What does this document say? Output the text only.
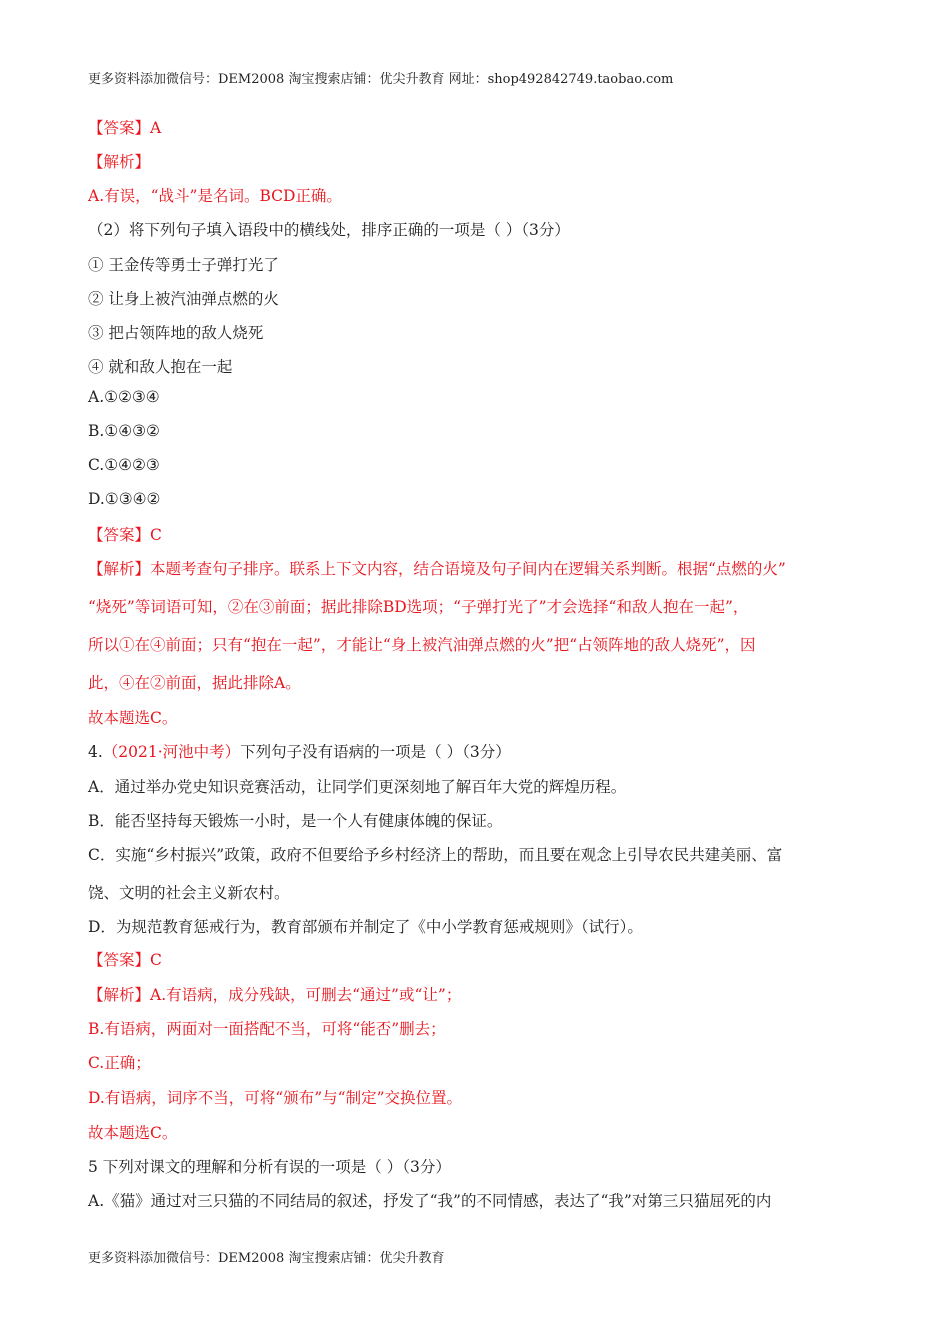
更多资料添加微信号：DEM2008 淘宝搜索店铺：优尖升教育 网址：shop492842749.taobao.com
【答案】A
【解析】
A.有误，“战斗”是名词。BCD正确。
（2）将下列句子填入语段中的横线处，排序正确的一项是（ ）（3分）
① 王金传等勇士子弹打光了
② 让身上被汽油弹点燃的火
③ 把占领阵地的敌人烧死
④ 就和敌人抱在一起
A.①②③④
B.①④③②
C.①④②③
D.①③④②
【答案】C
【解析】本题考查句子排序。联系上下文内容，结合语境及句子间内在逻辑关系判断。根据“点燃的火”
“烧死”等词语可知，②在③前面；据此排除BD选项；“子弹打光了”才会选择“和敌人抱在一起”，
所以①在④前面；只有“抱在一起”，才能让“身上被汽油弹点燃的火”把“占领阵地的敌人烧死”，因
此，④在②前面，据此排除A。
故本题选C。
4.（2021·河池中考）下列句子没有语病的一项是（ ）（3分）
A．通过举办党史知识竞赛活动，让同学们更深刻地了解百年大党的辉煌历程。
B．能否坚持每天锻炼一小时，是一个人有健康体魄的保证。
C．实施“乡村振兴”政策，政府不但要给予乡村经济上的帮助，而且要在观念上引导农民共建美丽、富
饶、文明的社会主义新农村。
D．为规范教育惩戒行为，教育部颁布并制定了《中小学教育惩戒规则》（试行）。
【答案】C
【解析】A.有语病，成分残缺，可删去“通过”或“让”；
B.有语病，两面对一面搭配不当，可将“能否”删去；
C.正确；
D.有语病，词序不当，可将“颁布”与“制定”交换位置。
故本题选C。
5 下列对课文的理解和分析有误的一项是（ ）（3分）
A.《猫》通过对三只猫的不同结局的叙述，抒发了“我”的不同情感，表达了“我”对第三只猫屈死的内
更多资料添加微信号：DEM2008 淘宝搜索店铺：优尖升教育
